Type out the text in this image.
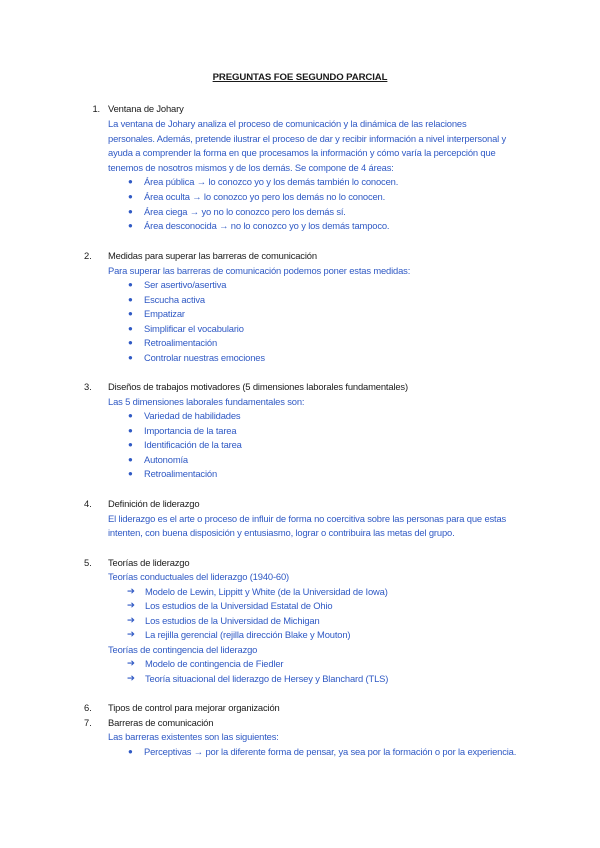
PREGUNTAS FOE SEGUNDO PARCIAL
1. Ventana de Johary
La ventana de Johary analiza el proceso de comunicación y la dinámica de las relaciones
personales. Además, pretende ilustrar el proceso de dar y recibir información a nivel interpersonal y
ayuda a comprender la forma en que procesamos la información y cómo varía la percepción que
tenemos de nosotros mismos y de los demás. Se compone de 4 áreas:
● Área pública → lo conozco yo y los demás también lo conocen.
● Área oculta → lo conozco yo pero los demás no lo conocen.
● Área ciega → yo no lo conozco pero los demás sí.
● Área desconocida → no lo conozco yo y los demás tampoco.
2. Medidas para superar las barreras de comunicación
Para superar las barreras de comunicación podemos poner estas medidas:
● Ser asertivo/asertiva
● Escucha activa
● Empatizar
● Simplificar el vocabulario
● Retroalimentación
● Controlar nuestras emociones
3. Diseños de trabajos motivadores (5 dimensiones laborales fundamentales)
Las 5 dimensiones laborales fundamentales son:
● Variedad de habilidades
● Importancia de la tarea
● Identificación de la tarea
● Autonomía
● Retroalimentación
4. Definición de liderazgo
El liderazgo es el arte o proceso de influir de forma no coercitiva sobre las personas para que estas
intenten, con buena disposición y entusiasmo, lograr o contribuira las metas del grupo.
5. Teorías de liderazgo
Teorías conductuales del liderazgo (1940-60)
➔ Modelo de Lewin, Lippitt y White (de la Universidad de Iowa)
➔ Los estudios de la Universidad Estatal de Ohio
➔ Los estudios de la Universidad de Michigan
➔ La rejilla gerencial (rejilla dirección Blake y Mouton)
Teorías de contingencia del liderazgo
➔ Modelo de contingencia de Fiedler
➔ Teoría situacional del liderazgo de Hersey y Blanchard (TLS)
6. Tipos de control para mejorar organización
7. Barreras de comunicación
Las barreras existentes son las siguientes:
● Perceptivas → por la diferente forma de pensar, ya sea por la formación o por la experiencia.
